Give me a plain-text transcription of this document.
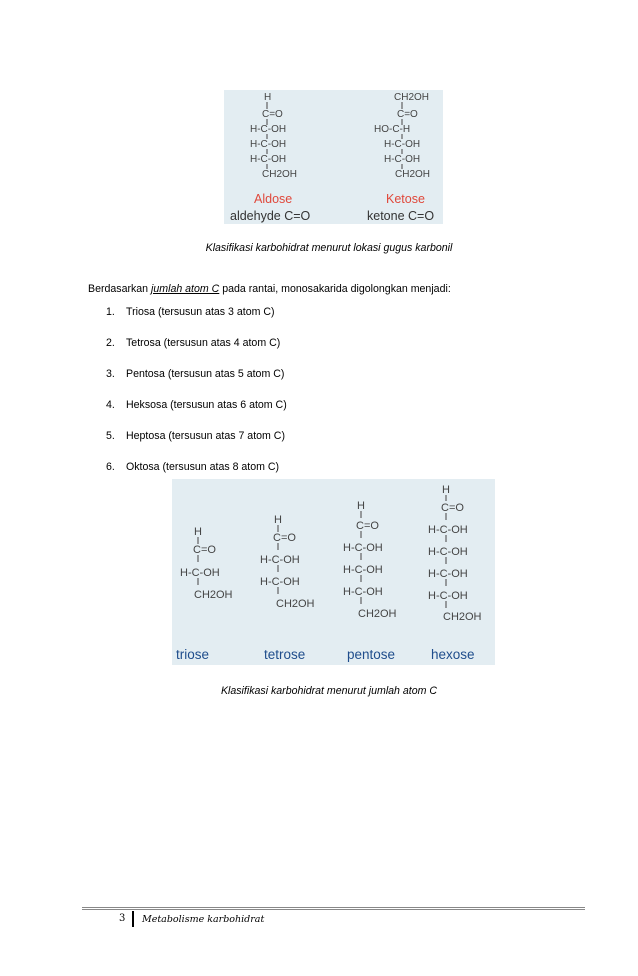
H
C=O
H-C-OH
H-C-OH
H-C-OH
CH2OH
Aldose
aldehyde C=O
CH2OH
C=O
HO-C-H
H-C-OH
H-C-OH
CH2OH
Ketose
ketone C=O
Klasifikasi karbohidrat menurut lokasi gugus karbonil
Berdasarkan jumlah atom C pada rantai, monosakarida digolongkan menjadi:
1. Triosa (tersusun atas 3 atom C)
2. Tetrosa (tersusun atas 4 atom C)
3. Pentosa (tersusun atas 5 atom C)
4. Heksosa (tersusun atas 6 atom C)
5. Heptosa (tersusun atas 7 atom C)
6. Oktosa (tersusun atas 8 atom C)
H
C=O
H-C-OH
CH2OH
H
C=O
H-C-OH
H-C-OH
CH2OH
H
C=O
H-C-OH
H-C-OH
H-C-OH
CH2OH
H
C=O
H-C-OH
H-C-OH
H-C-OH
H-C-OH
CH2OH
triose	tetrose	pentose	hexose
Klasifikasi karbohidrat menurut jumlah atom C
3 Metabolisme karbohidrat
